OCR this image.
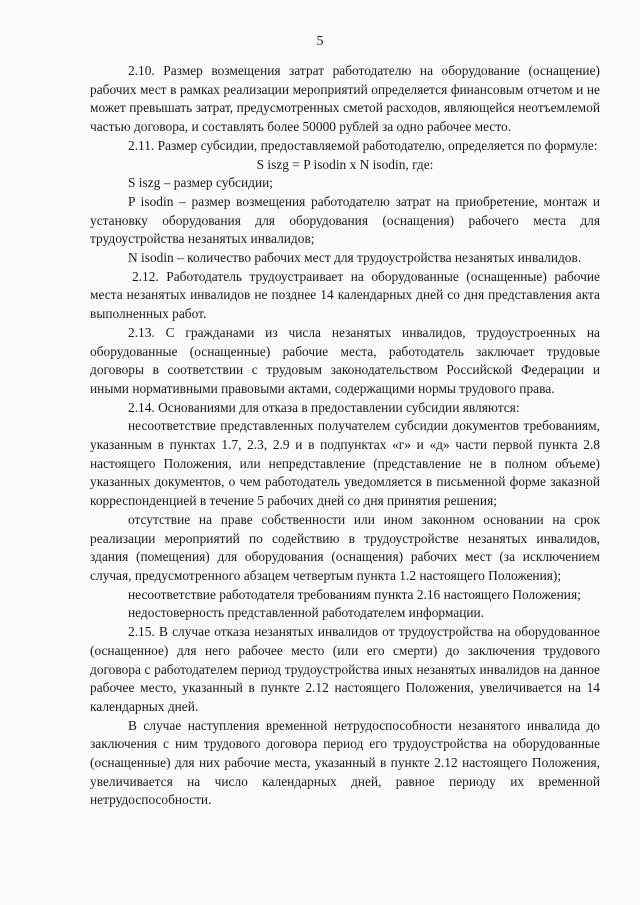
5

2.10. Размер возмещения затрат работодателю на оборудование (оснащение) рабочих мест в рамках реализации мероприятий определяется финансовым отчетом и не может превышать затрат, предусмотренных сметой расходов, являющейся неотъемлемой частью договора, и составлять более 50000 рублей за одно рабочее место.

2.11. Размер субсидии, предоставляемой работодателю, определяется по формуле:

S iszg = P isodin x N isodin, где:

S iszg – размер субсидии;

P isodin – размер возмещения работодателю затрат на приобретение, монтаж и установку оборудования для оборудования (оснащения) рабочего места для трудоустройства незанятых инвалидов;

N isodin – количество рабочих мест для трудоустройства незанятых инвалидов.

2.12. Работодатель трудоустраивает на оборудованные (оснащенные) рабочие места незанятых инвалидов не позднее 14 календарных дней со дня представления акта выполненных работ.

2.13. С гражданами из числа незанятых инвалидов, трудоустроенных на оборудованные (оснащенные) рабочие места, работодатель заключает трудовые договоры в соответствии с трудовым законодательством Российской Федерации и иными нормативными правовыми актами, содержащими нормы трудового права.

2.14. Основаниями для отказа в предоставлении субсидии являются:

несоответствие представленных получателем субсидии документов требованиям, указанным в пунктах 1.7, 2.3, 2.9 и в подпунктах «г» и «д» части первой пункта 2.8 настоящего Положения, или непредставление (представление не в полном объеме) указанных документов, о чем работодатель уведомляется в письменной форме заказной корреспонденцией в течение 5 рабочих дней со дня принятия решения;

отсутствие на праве собственности или ином законном основании на срок реализации мероприятий по содействию в трудоустройстве незанятых инвалидов, здания (помещения) для оборудования (оснащения) рабочих мест (за исключением случая, предусмотренного абзацем четвертым пункта 1.2 настоящего Положения);

несоответствие работодателя требованиям пункта 2.16 настоящего Положения;

недостоверность представленной работодателем информации.

2.15. В случае отказа незанятых инвалидов от трудоустройства на оборудованное (оснащенное) для него рабочее место (или его смерти) до заключения трудового договора с работодателем период трудоустройства иных незанятых инвалидов на данное рабочее место, указанный в пункте 2.12 настоящего Положения, увеличивается на 14 календарных дней.

В случае наступления временной нетрудоспособности незанятого инвалида до заключения с ним трудового договора период его трудоустройства на оборудованные (оснащенные) для них рабочие места, указанный в пункте 2.12 настоящего Положения, увеличивается на число календарных дней, равное периоду их временной нетрудоспособности.
